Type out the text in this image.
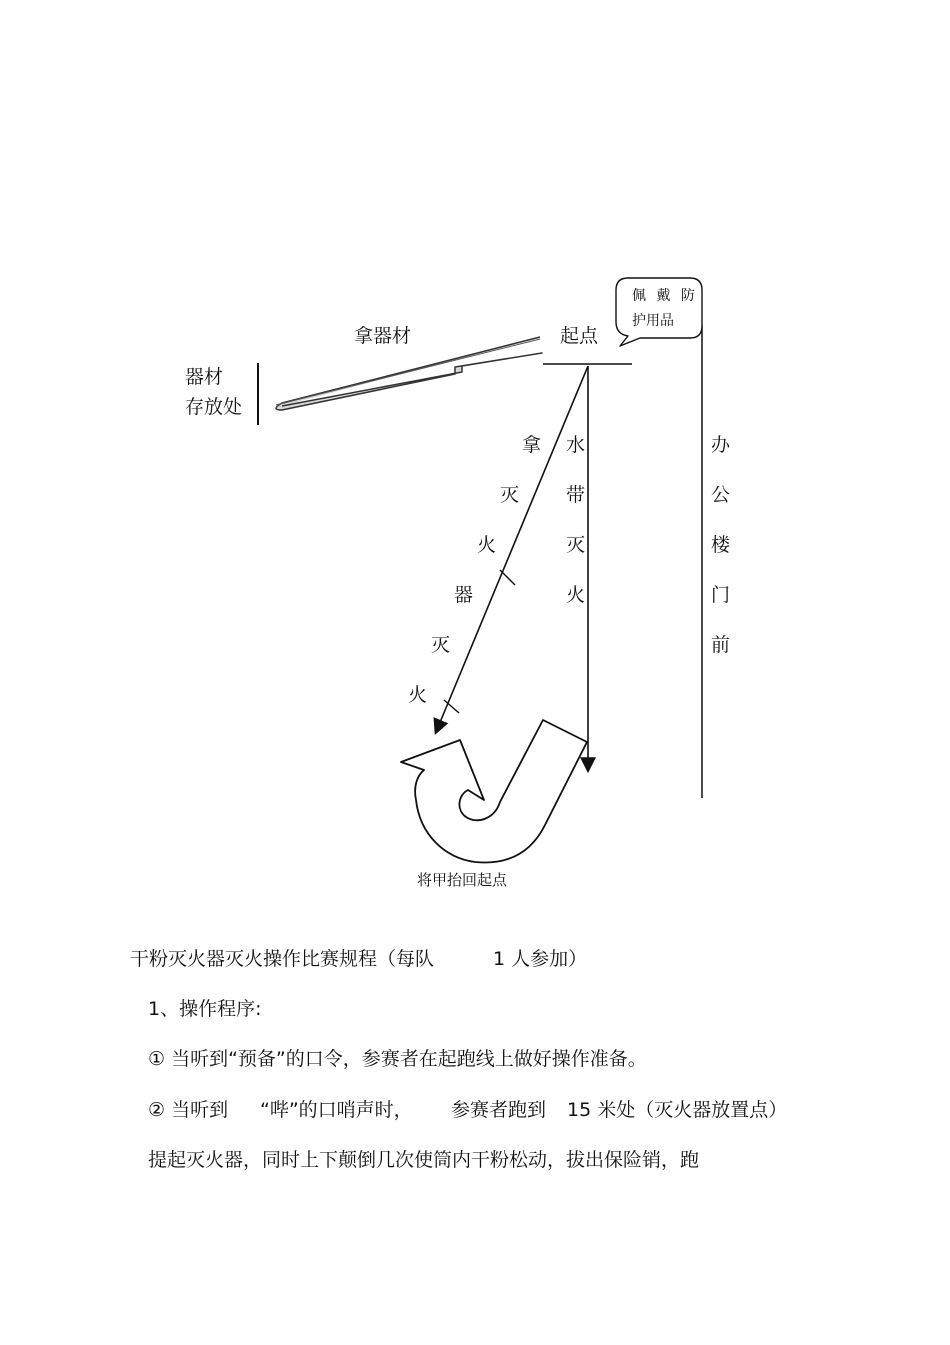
拿器材
器材
存放处
起点
佩 戴 防
护用品
拿
灭
火
器
灭
火
水
带
灭
火
办
公
楼
门
前
将甲抬回起点
干粉灭火器灭火操作比赛规程（每队	1 人参加）
1、操作程序:
① 当听到“预备”的口令，参赛者在起跑线上做好操作准备。
② 当听到 “哔”的口哨声时， 参赛者跑到 15 米处（灭火器放置点）
提起灭火器，同时上下颠倒几次使筒内干粉松动，拔出保险销，跑
